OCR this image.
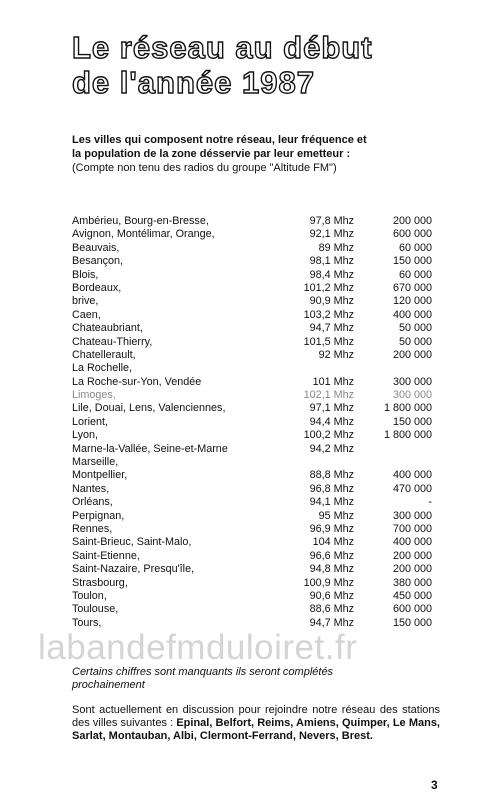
Le réseau au début
de l'année 1987
Les villes qui composent notre réseau, leur fréquence et
la population de la zone désservie par leur emetteur :
(Compte non tenu des radios du groupe "Altitude FM")
Ambérieu, Bourg-en-Bresse,	97,8 Mhz	200 000
Avignon, Montélimar, Orange,	92,1 Mhz	600 000
Beauvais,	89 Mhz	60 000
Besançon,	98,1 Mhz	150 000
Blois,	98,4 Mhz	60 000
Bordeaux,	101,2 Mhz	670 000
brive,	90,9 Mhz	120 000
Caen,	103,2 Mhz	400 000
Chateaubriant,	94,7 Mhz	50 000
Chateau-Thierry,	101,5 Mhz	50 000
Chatellerault,	92 Mhz	200 000
La Rochelle,
La Roche-sur-Yon, Vendée	101 Mhz	300 000
Limoges,	102,1 Mhz	300 000
Lile, Douai, Lens, Valenciennes,	97,1 Mhz	1 800 000
Lorient,	94,4 Mhz	150 000
Lyon,	100,2 Mhz	1 800 000
Marne-la-Vallée, Seine-et-Marne	94,2 Mhz
Marseille,
Montpellier,	88,8 Mhz	400 000
Nantes,	96,8 Mhz	470 000
Orléans,	94,1 Mhz	-
Perpignan,	95 Mhz	300 000
Rennes,	96,9 Mhz	700 000
Saint-Brieuc, Saint-Malo,	104 Mhz	400 000
Saint-Etienne,	96,6 Mhz	200 000
Saint-Nazaire, Presqu'île,	94,8 Mhz	200 000
Strasbourg,	100,9 Mhz	380 000
Toulon,	90,6 Mhz	450 000
Toulouse,	88,6 Mhz	600 000
Tours,	94,7 Mhz	150 000
labandefmduloiret.fr
Certains chiffres sont manquants ils seront complétés
prochainement
Sont actuellement en discussion pour rejoindre notre réseau des stations des villes suivantes : Epinal, Belfort, Reims, Amiens, Quimper, Le Mans, Sarlat, Montauban, Albi, Clermont-Ferrand, Nevers, Brest.
3
